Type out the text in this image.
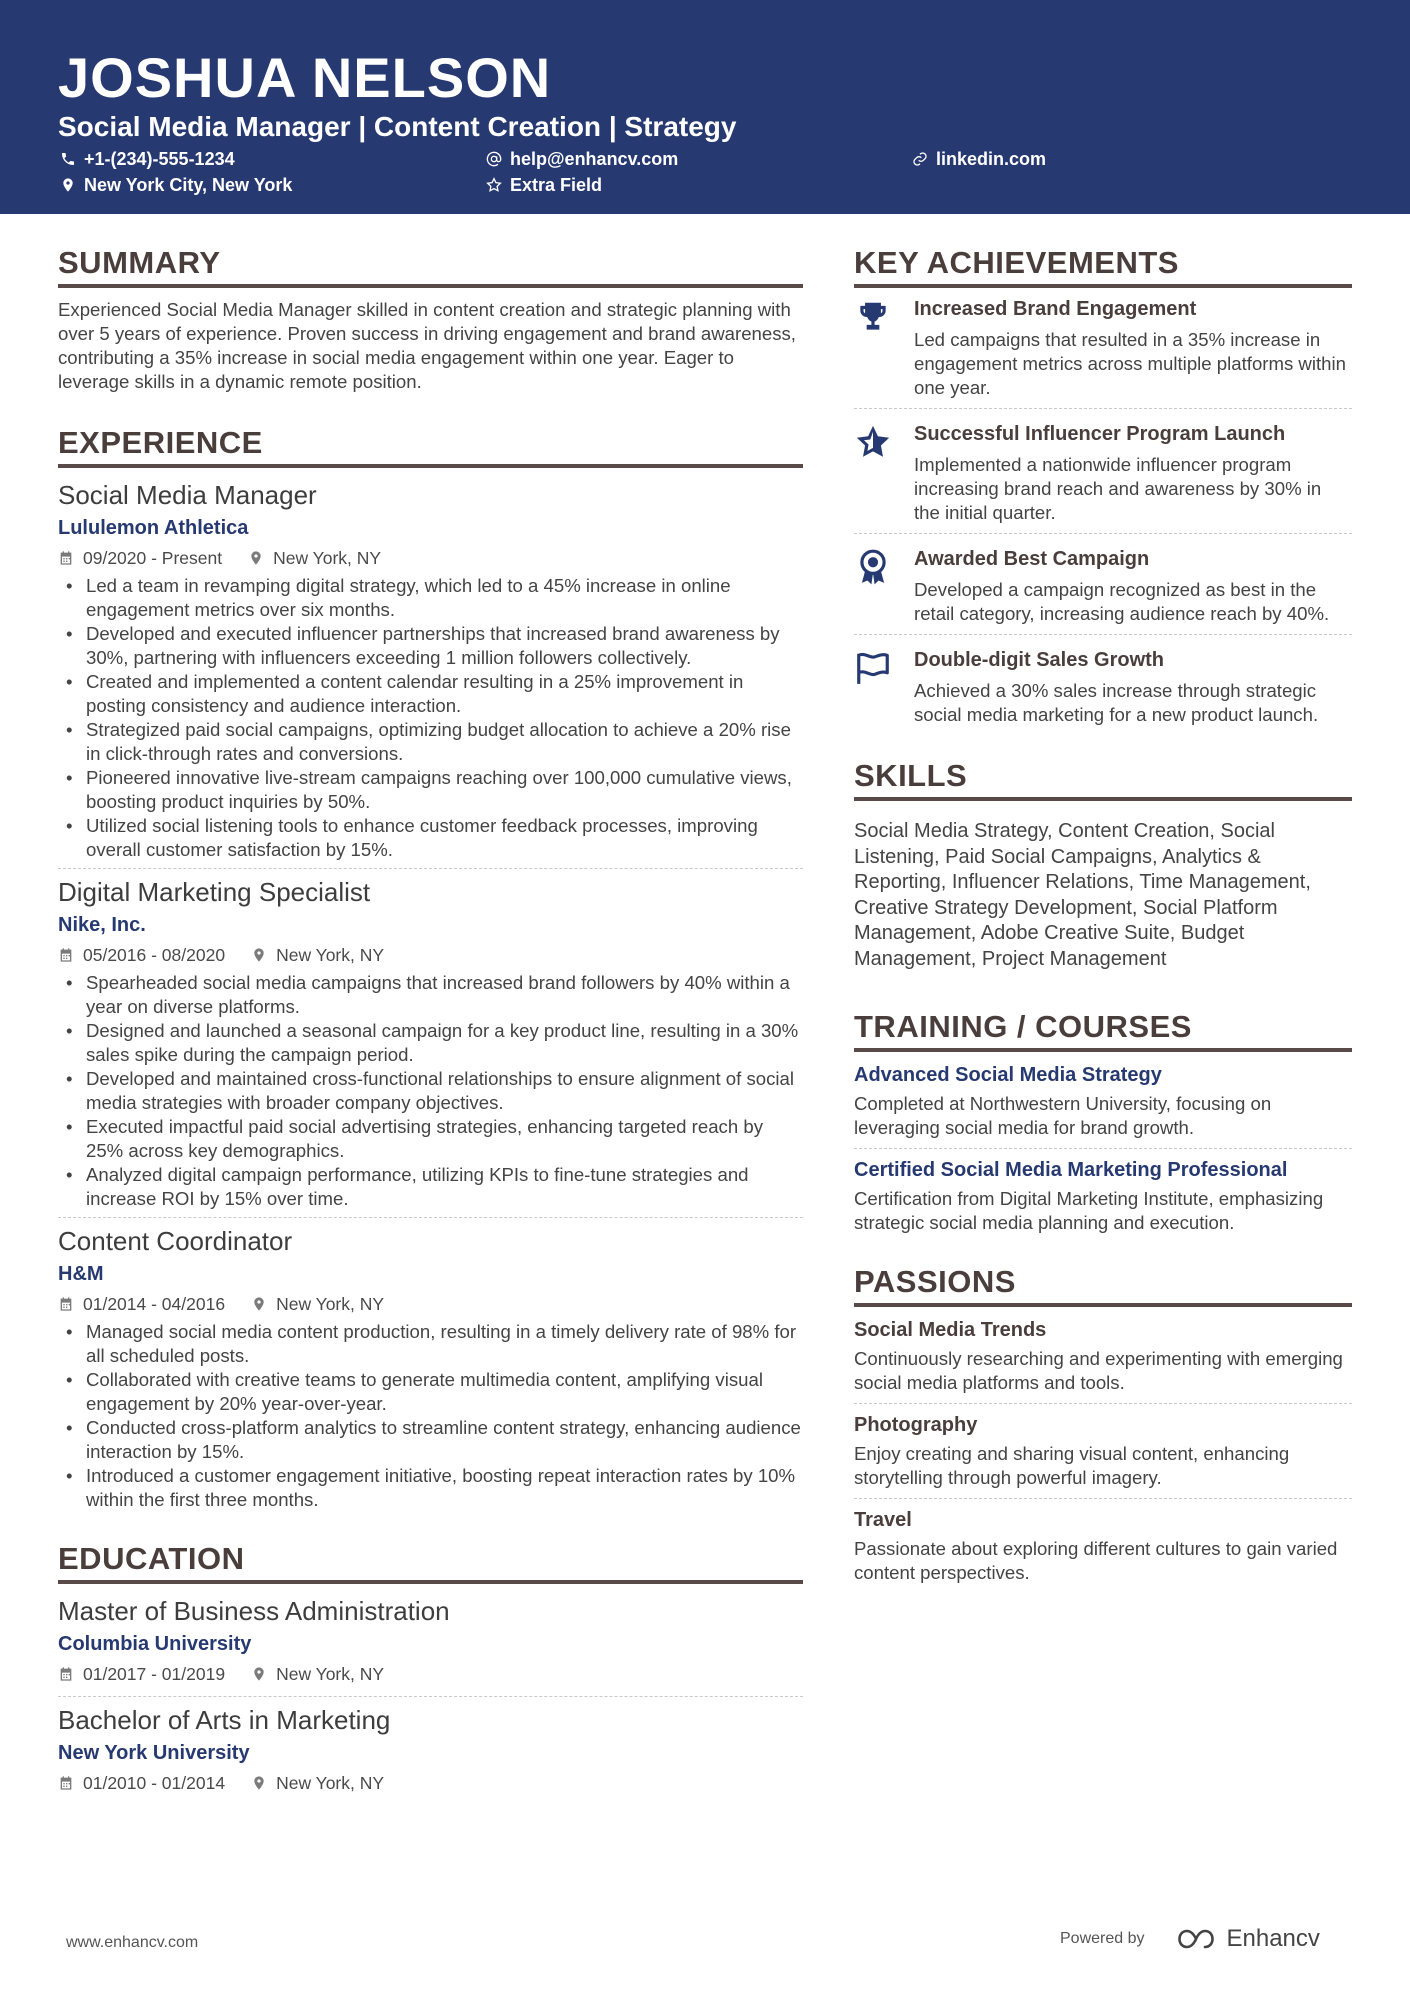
JOSHUA NELSON
Social Media Manager | Content Creation | Strategy
+1-(234)-555-1234	help@enhancv.com	linkedin.com
New York City, New York	Extra Field
SUMMARY
Experienced Social Media Manager skilled in content creation and strategic planning with over 5 years of experience. Proven success in driving engagement and brand awareness, contributing a 35% increase in social media engagement within one year. Eager to leverage skills in a dynamic remote position.
EXPERIENCE
Social Media Manager
Lululemon Athletica
09/2020 - Present	New York, NY
• Led a team in revamping digital strategy, which led to a 45% increase in online engagement metrics over six months.
• Developed and executed influencer partnerships that increased brand awareness by 30%, partnering with influencers exceeding 1 million followers collectively.
• Created and implemented a content calendar resulting in a 25% improvement in posting consistency and audience interaction.
• Strategized paid social campaigns, optimizing budget allocation to achieve a 20% rise in click-through rates and conversions.
• Pioneered innovative live-stream campaigns reaching over 100,000 cumulative views, boosting product inquiries by 50%.
• Utilized social listening tools to enhance customer feedback processes, improving overall customer satisfaction by 15%.
Digital Marketing Specialist
Nike, Inc.
05/2016 - 08/2020	New York, NY
• Spearheaded social media campaigns that increased brand followers by 40% within a year on diverse platforms.
• Designed and launched a seasonal campaign for a key product line, resulting in a 30% sales spike during the campaign period.
• Developed and maintained cross-functional relationships to ensure alignment of social media strategies with broader company objectives.
• Executed impactful paid social advertising strategies, enhancing targeted reach by 25% across key demographics.
• Analyzed digital campaign performance, utilizing KPIs to fine-tune strategies and increase ROI by 15% over time.
Content Coordinator
H&M
01/2014 - 04/2016	New York, NY
• Managed social media content production, resulting in a timely delivery rate of 98% for all scheduled posts.
• Collaborated with creative teams to generate multimedia content, amplifying visual engagement by 20% year-over-year.
• Conducted cross-platform analytics to streamline content strategy, enhancing audience interaction by 15%.
• Introduced a customer engagement initiative, boosting repeat interaction rates by 10% within the first three months.
EDUCATION
Master of Business Administration
Columbia University
01/2017 - 01/2019	New York, NY
Bachelor of Arts in Marketing
New York University
01/2010 - 01/2014	New York, NY
KEY ACHIEVEMENTS
Increased Brand Engagement
Led campaigns that resulted in a 35% increase in engagement metrics across multiple platforms within one year.
Successful Influencer Program Launch
Implemented a nationwide influencer program increasing brand reach and awareness by 30% in the initial quarter.
Awarded Best Campaign
Developed a campaign recognized as best in the retail category, increasing audience reach by 40%.
Double-digit Sales Growth
Achieved a 30% sales increase through strategic social media marketing for a new product launch.
SKILLS
Social Media Strategy, Content Creation, Social Listening, Paid Social Campaigns, Analytics & Reporting, Influencer Relations, Time Management, Creative Strategy Development, Social Platform Management, Adobe Creative Suite, Budget Management, Project Management
TRAINING / COURSES
Advanced Social Media Strategy
Completed at Northwestern University, focusing on leveraging social media for brand growth.
Certified Social Media Marketing Professional
Certification from Digital Marketing Institute, emphasizing strategic social media planning and execution.
PASSIONS
Social Media Trends
Continuously researching and experimenting with emerging social media platforms and tools.
Photography
Enjoy creating and sharing visual content, enhancing storytelling through powerful imagery.
Travel
Passionate about exploring different cultures to gain varied content perspectives.
www.enhancv.com	Powered by	Enhancv
